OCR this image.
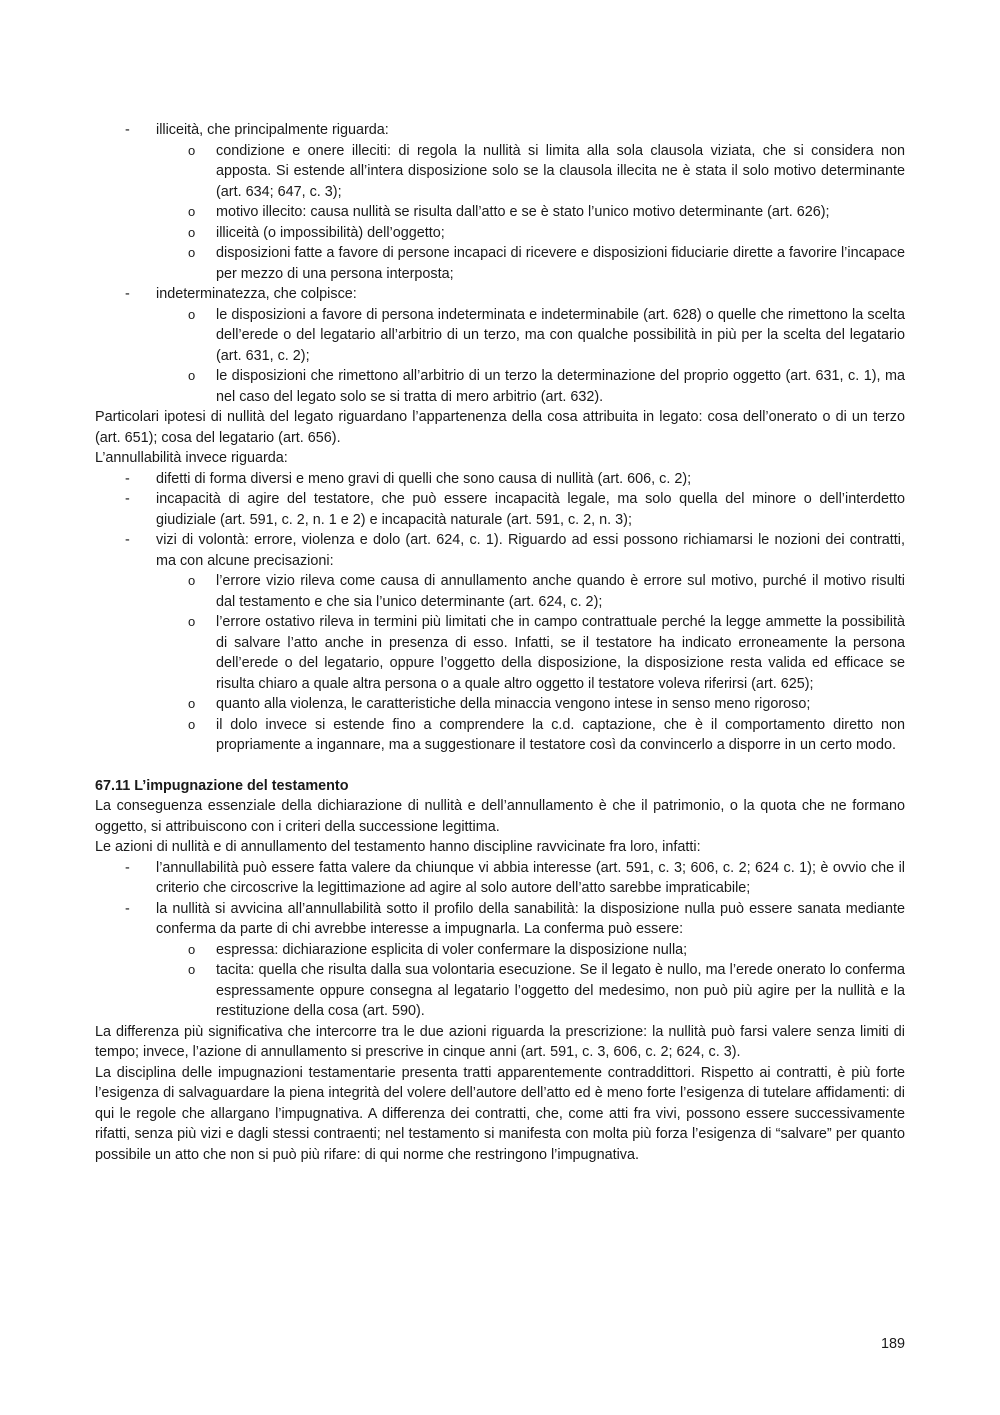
- illiceità, che principalmente riguarda:
o condizione e onere illeciti: di regola la nullità si limita alla sola clausola viziata, che si considera non apposta. Si estende all’intera disposizione solo se la clausola illecita ne è stata il solo motivo determinante (art. 634; 647, c. 3);
o motivo illecito: causa nullità se risulta dall’atto e se è stato l’unico motivo determinante (art. 626);
o illiceità (o impossibilità) dell’oggetto;
o disposizioni fatte a favore di persone incapaci di ricevere e disposizioni fiduciarie dirette a favorire l’incapace per mezzo di una persona interposta;
- indeterminatezza, che colpisce:
o le disposizioni a favore di persona indeterminata e indeterminabile (art. 628) o quelle che rimettono la scelta dell’erede o del legatario all’arbitrio di un terzo, ma con qualche possibilità in più per la scelta del legatario (art. 631, c. 2);
o le disposizioni che rimettono all’arbitrio di un terzo la determinazione del proprio oggetto (art. 631, c. 1), ma nel caso del legato solo se si tratta di mero arbitrio (art. 632).

Particolari ipotesi di nullità del legato riguardano l’appartenenza della cosa attribuita in legato: cosa dell’onerato o di un terzo (art. 651); cosa del legatario (art. 656).

L’annullabilità invece riguarda:

- difetti di forma diversi e meno gravi di quelli che sono causa di nullità (art. 606, c. 2);
- incapacità di agire del testatore, che può essere incapacità legale, ma solo quella del minore o dell’interdetto giudiziale (art. 591, c. 2, n. 1 e 2) e incapacità naturale (art. 591, c. 2, n. 3);
- vizi di volontà: errore, violenza e dolo (art. 624, c. 1). Riguardo ad essi possono richiamarsi le nozioni dei contratti, ma con alcune precisazioni:
o l’errore vizio rileva come causa di annullamento anche quando è errore sul motivo, purché il motivo risulti dal testamento e che sia l’unico determinante (art. 624, c. 2);
o l’errore ostativo rileva in termini più limitati che in campo contrattuale perché la legge ammette la possibilità di salvare l’atto anche in presenza di esso. Infatti, se il testatore ha indicato erroneamente la persona dell’erede o del legatario, oppure l’oggetto della disposizione, la disposizione resta valida ed efficace se risulta chiaro a quale altra persona o a quale altro oggetto il testatore voleva riferirsi (art. 625);
o quanto alla violenza, le caratteristiche della minaccia vengono intese in senso meno rigoroso;
o il dolo invece si estende fino a comprendere la c.d. captazione, che è il comportamento diretto non propriamente a ingannare, ma a suggestionare il testatore così da convincerlo a disporre in un certo modo.

67.11 L’impugnazione del testamento

La conseguenza essenziale della dichiarazione di nullità e dell’annullamento è che il patrimonio, o la quota che ne formano oggetto, si attribuiscono con i criteri della successione legittima.

Le azioni di nullità e di annullamento del testamento hanno discipline ravvicinate fra loro, infatti:

- l’annullabilità può essere fatta valere da chiunque vi abbia interesse (art. 591, c. 3; 606, c. 2; 624 c. 1); è ovvio che il criterio che circoscrive la legittimazione ad agire al solo autore dell’atto sarebbe impraticabile;
- la nullità si avvicina all’annullabilità sotto il profilo della sanabilità: la disposizione nulla può essere sanata mediante conferma da parte di chi avrebbe interesse a impugnarla. La conferma può essere:
o espressa: dichiarazione esplicita di voler confermare la disposizione nulla;
o tacita: quella che risulta dalla sua volontaria esecuzione. Se il legato è nullo, ma l’erede onerato lo conferma espressamente oppure consegna al legatario l’oggetto del medesimo, non può più agire per la nullità e la restituzione della cosa (art. 590).

La differenza più significativa che intercorre tra le due azioni riguarda la prescrizione: la nullità può farsi valere senza limiti di tempo; invece, l’azione di annullamento si prescrive in cinque anni (art. 591, c. 3, 606, c. 2; 624, c. 3).

La disciplina delle impugnazioni testamentarie presenta tratti apparentemente contraddittori. Rispetto ai contratti, è più forte l’esigenza di salvaguardare la piena integrità del volere dell’autore dell’atto ed è meno forte l’esigenza di tutelare affidamenti: di qui le regole che allargano l’impugnativa. A differenza dei contratti, che, come atti fra vivi, possono essere successivamente rifatti, senza più vizi e dagli stessi contraenti; nel testamento si manifesta con molta più forza l’esigenza di “salvare” per quanto possibile un atto che non si può più rifare: di qui norme che restringono l’impugnativa.

189
